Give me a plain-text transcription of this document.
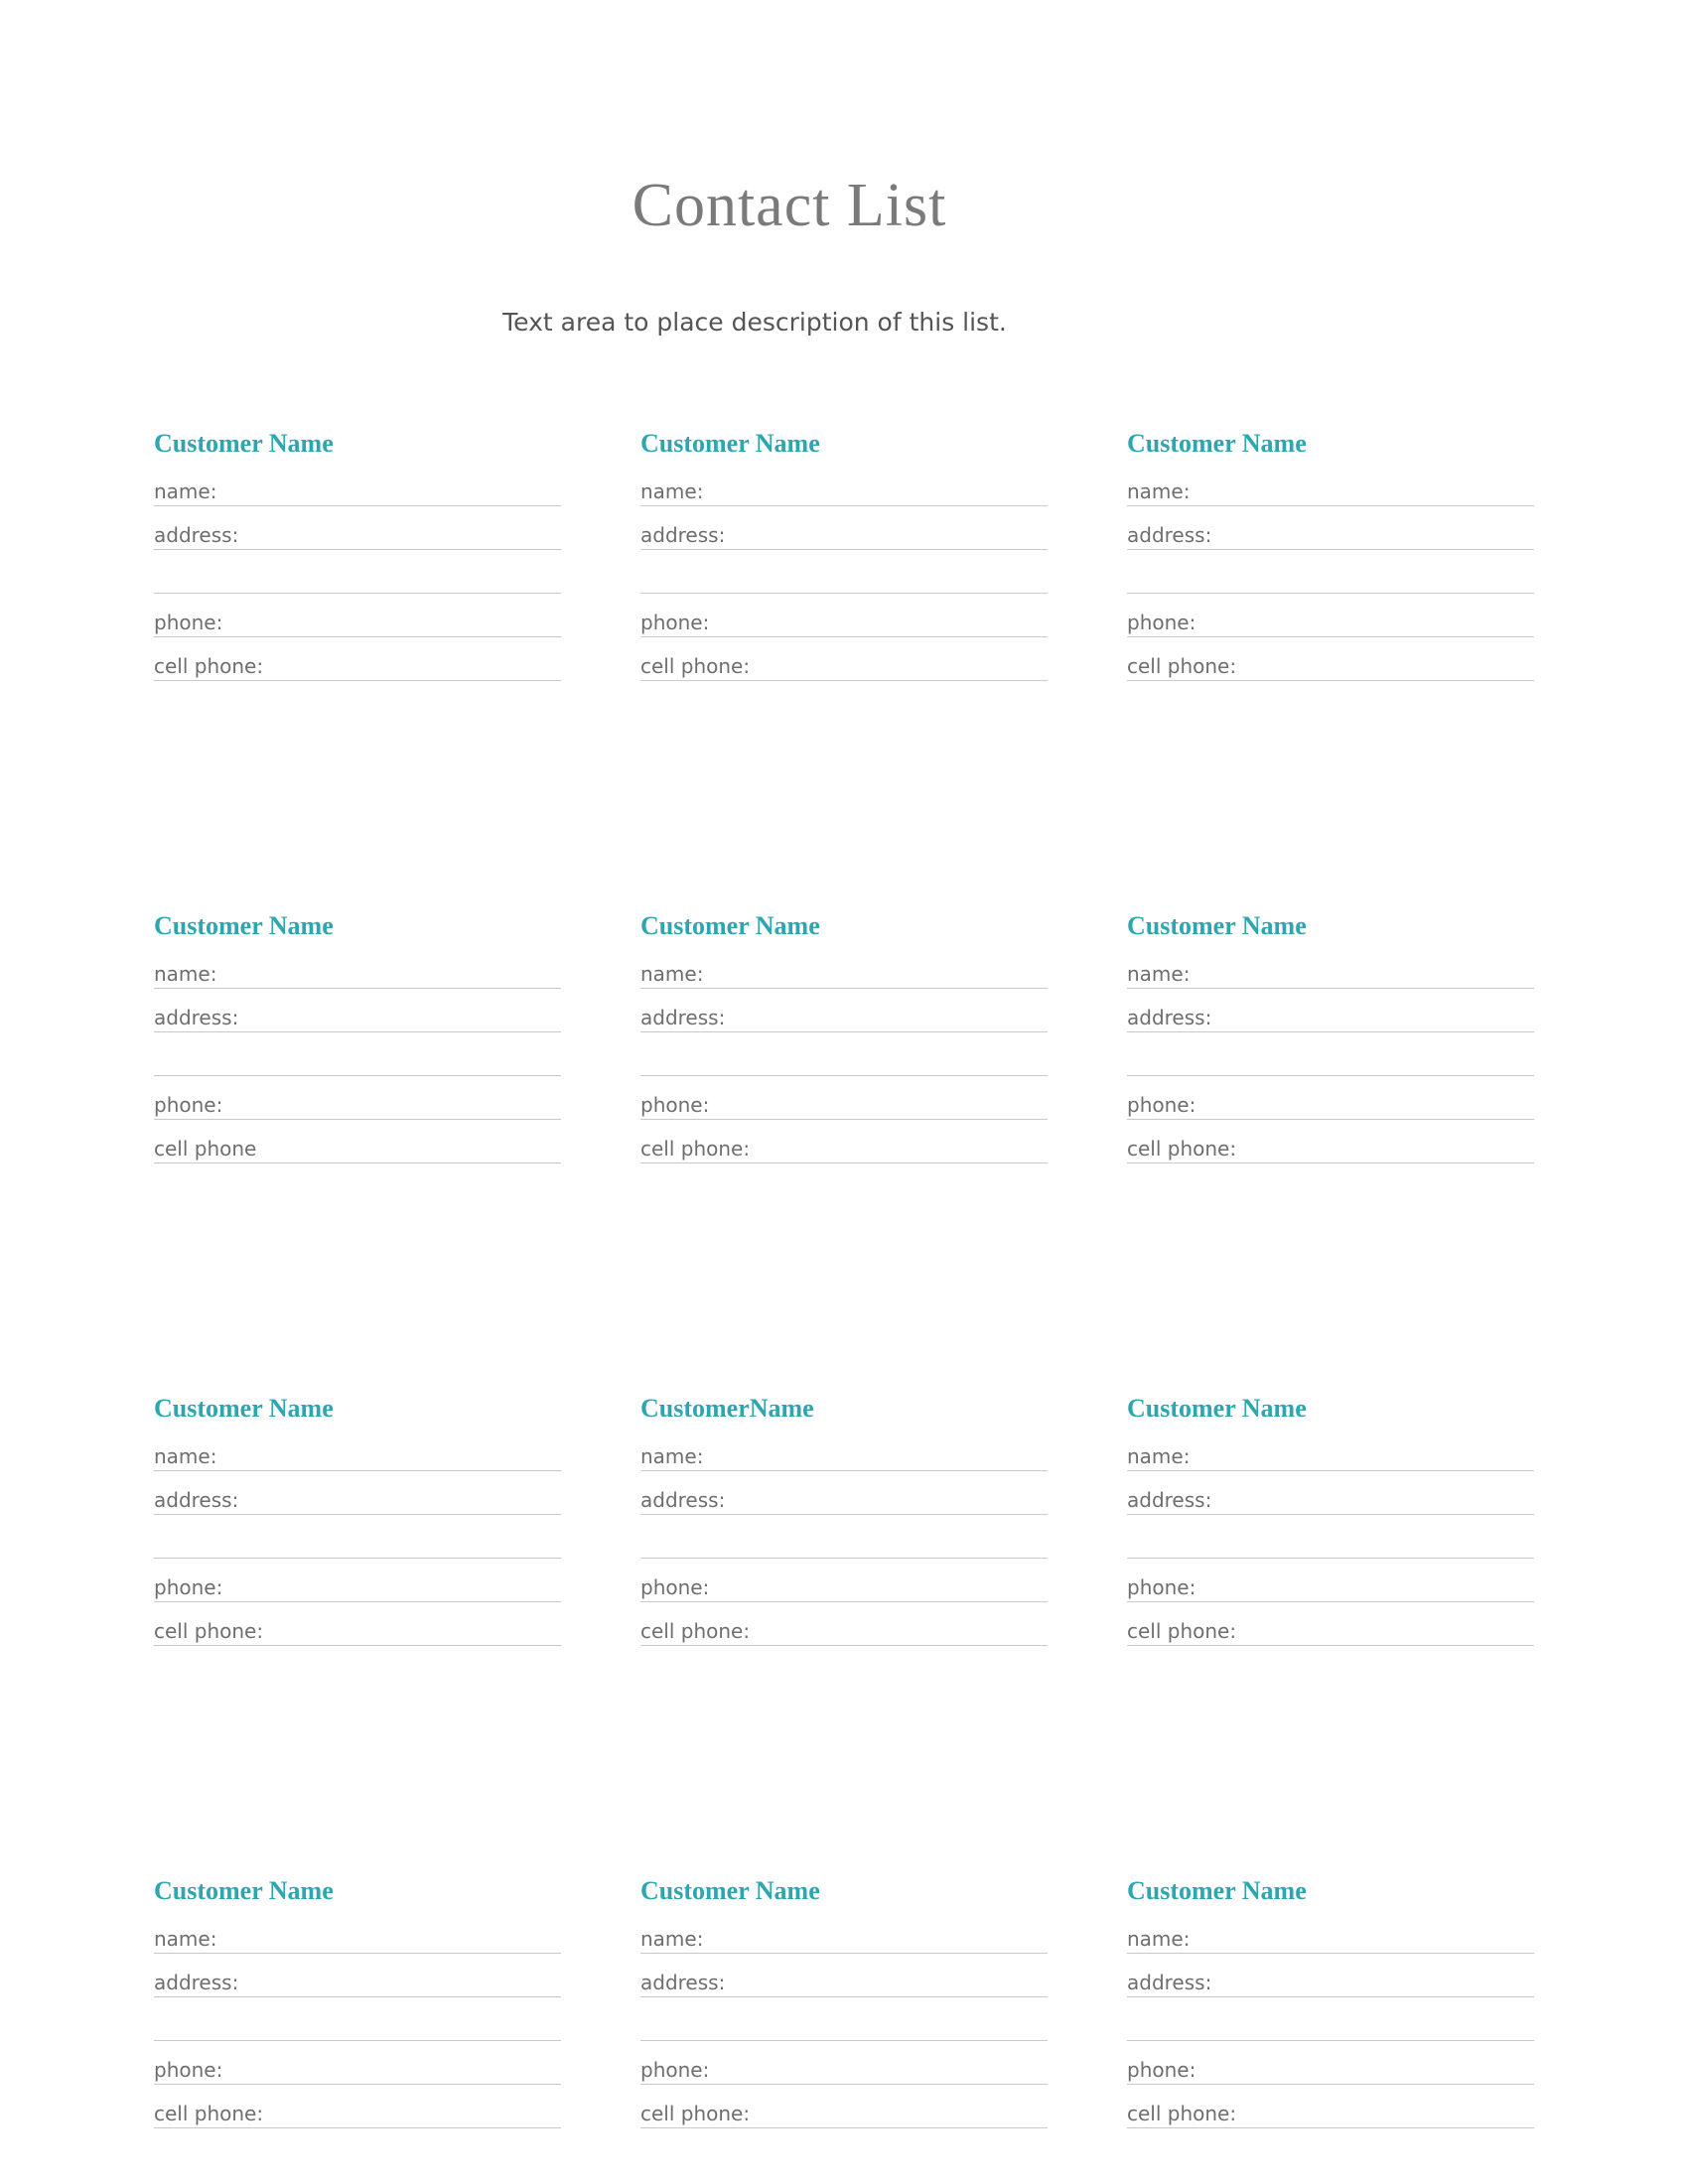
Contact List

Text area to place description of this list.

Customer Name
name:
address:
phone:
cell phone:
Customer Name
name:
address:
phone:
cell phone:
Customer Name
name:
address:
phone:
cell phone:
Customer Name
name:
address:
phone:
cell phone
Customer Name
name:
address:
phone:
cell phone:
Customer Name
name:
address:
phone:
cell phone:
Customer Name
name:
address:
phone:
cell phone:
CustomerName
name:
address:
phone:
cell phone:
Customer Name
name:
address:
phone:
cell phone:
Customer Name
name:
address:
phone:
cell phone:
Customer Name
name:
address:
phone:
cell phone:
Customer Name
name:
address:
phone:
cell phone:
